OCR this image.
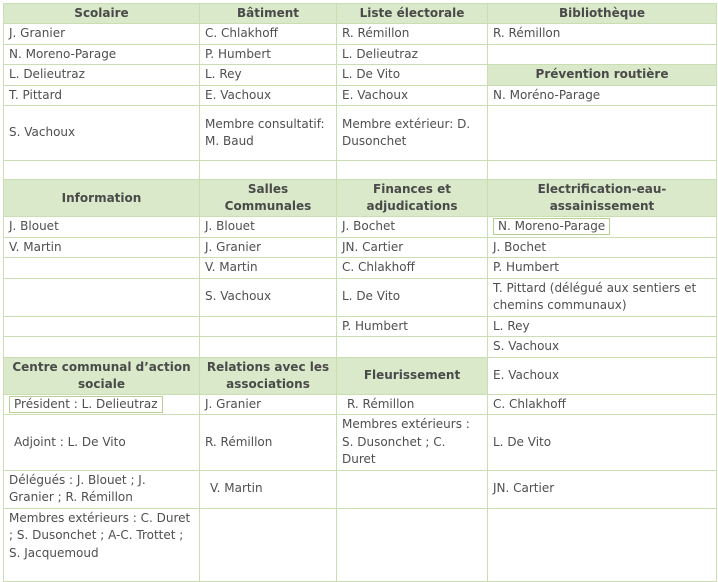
Scolaire	Bâtiment	Liste électorale	Bibliothèque
J. Granier	C. Chlakhoff	R. Rémillon	R. Rémillon
N. Moreno-Parage	P. Humbert	L. Delieutraz	
L. Delieutraz	L. Rey	L. De Vito	Prévention routière
T. Pittard	E. Vachoux	E. Vachoux	N. Moréno-Parage
S. Vachoux	Membre consultatif: M. Baud	Membre extérieur: D. Dusonchet	

Information	Salles Communales	Finances et adjudications	Electrification-eau-assainissement
J. Blouet	J. Blouet	J. Bochet	N. Moreno-Parage
V. Martin	J. Granier	JN. Cartier	J. Bochet
	V. Martin	C. Chlakhoff	P. Humbert
	S. Vachoux	L. De Vito	T. Pittard (délégué aux sentiers et chemins communaux)
		P. Humbert	L. Rey
			S. Vachoux
Centre communal d’action sociale	Relations avec les associations	Fleurissement	E. Vachoux
Président : L. Delieutraz	J. Granier	R. Rémillon	C. Chlakhoff
Adjoint : L. De Vito	R. Rémillon	Membres extérieurs : S. Dusonchet ; C. Duret	L. De Vito
Délégués : J. Blouet ; J. Granier ; R. Rémillon	V. Martin		JN. Cartier
Membres extérieurs : C. Duret ; S. Dusonchet ; A-C. Trottet ; S. Jacquemoud			
